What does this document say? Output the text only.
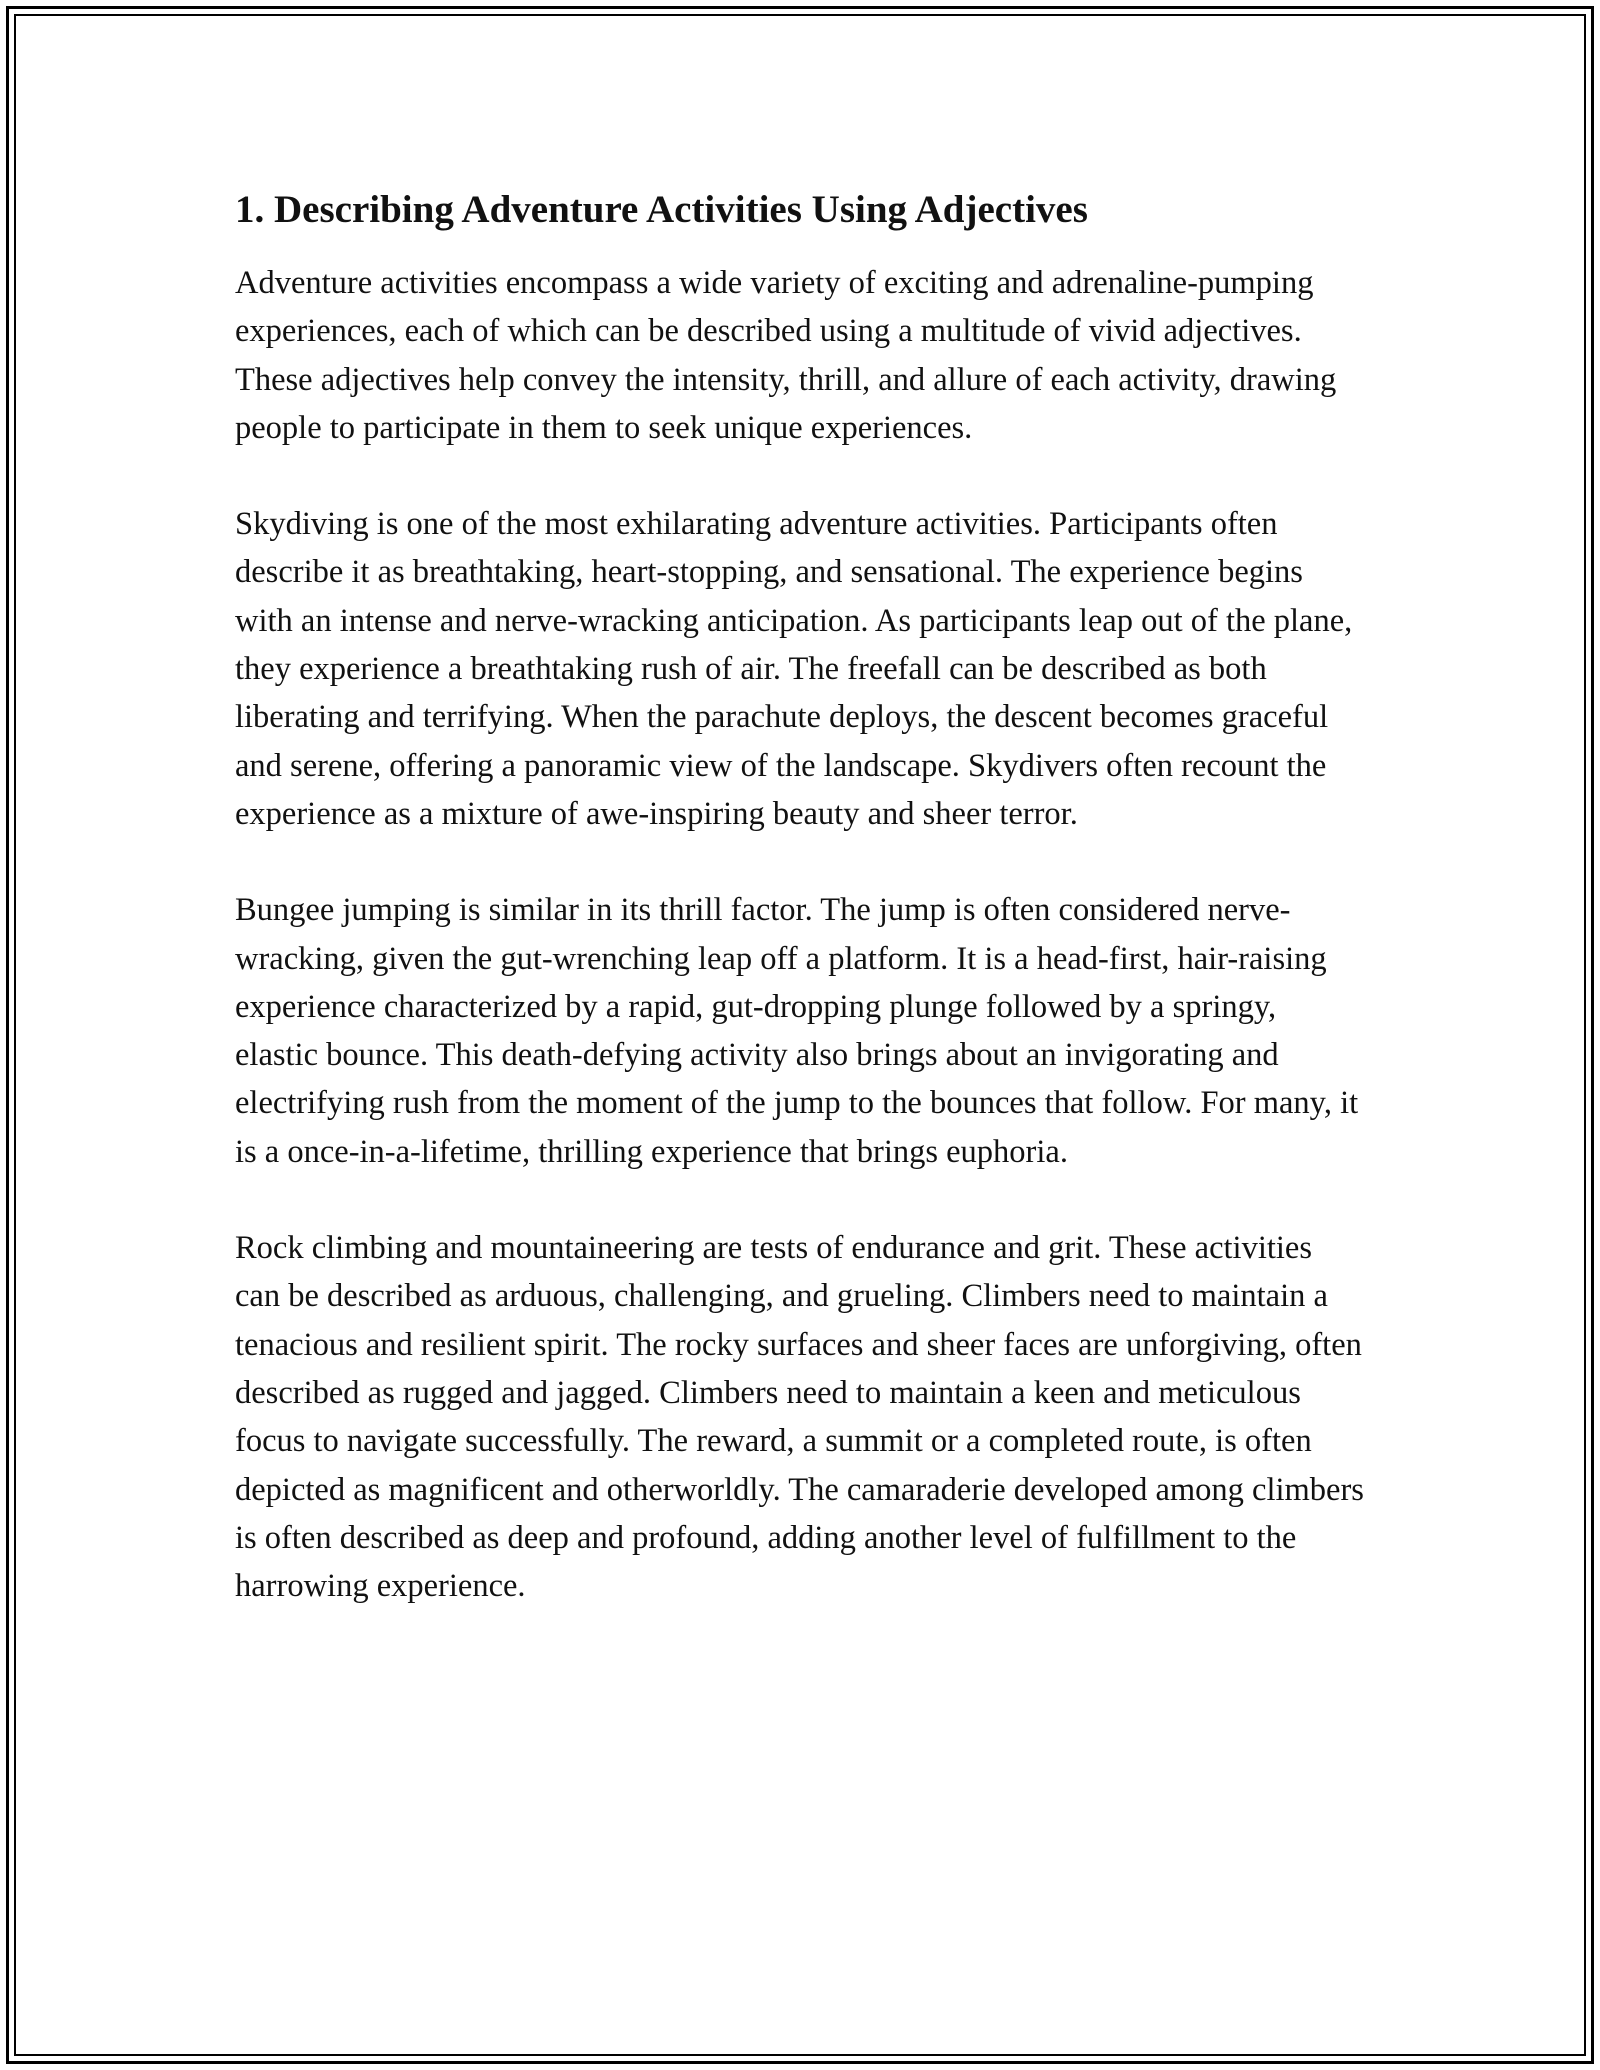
1. Describing Adventure Activities Using Adjectives

Adventure activities encompass a wide variety of exciting and adrenaline-pumping experiences, each of which can be described using a multitude of vivid adjectives. These adjectives help convey the intensity, thrill, and allure of each activity, drawing people to participate in them to seek unique experiences.

Skydiving is one of the most exhilarating adventure activities. Participants often describe it as breathtaking, heart-stopping, and sensational. The experience begins with an intense and nerve-wracking anticipation. As participants leap out of the plane, they experience a breathtaking rush of air. The freefall can be described as both liberating and terrifying. When the parachute deploys, the descent becomes graceful and serene, offering a panoramic view of the landscape. Skydivers often recount the experience as a mixture of awe-inspiring beauty and sheer terror.

Bungee jumping is similar in its thrill factor. The jump is often considered nerve-wracking, given the gut-wrenching leap off a platform. It is a head-first, hair-raising experience characterized by a rapid, gut-dropping plunge followed by a springy, elastic bounce. This death-defying activity also brings about an invigorating and electrifying rush from the moment of the jump to the bounces that follow. For many, it is a once-in-a-lifetime, thrilling experience that brings euphoria.

Rock climbing and mountaineering are tests of endurance and grit. These activities can be described as arduous, challenging, and grueling. Climbers need to maintain a tenacious and resilient spirit. The rocky surfaces and sheer faces are unforgiving, often described as rugged and jagged. Climbers need to maintain a keen and meticulous focus to navigate successfully. The reward, a summit or a completed route, is often depicted as magnificent and otherworldly. The camaraderie developed among climbers is often described as deep and profound, adding another level of fulfillment to the harrowing experience.
